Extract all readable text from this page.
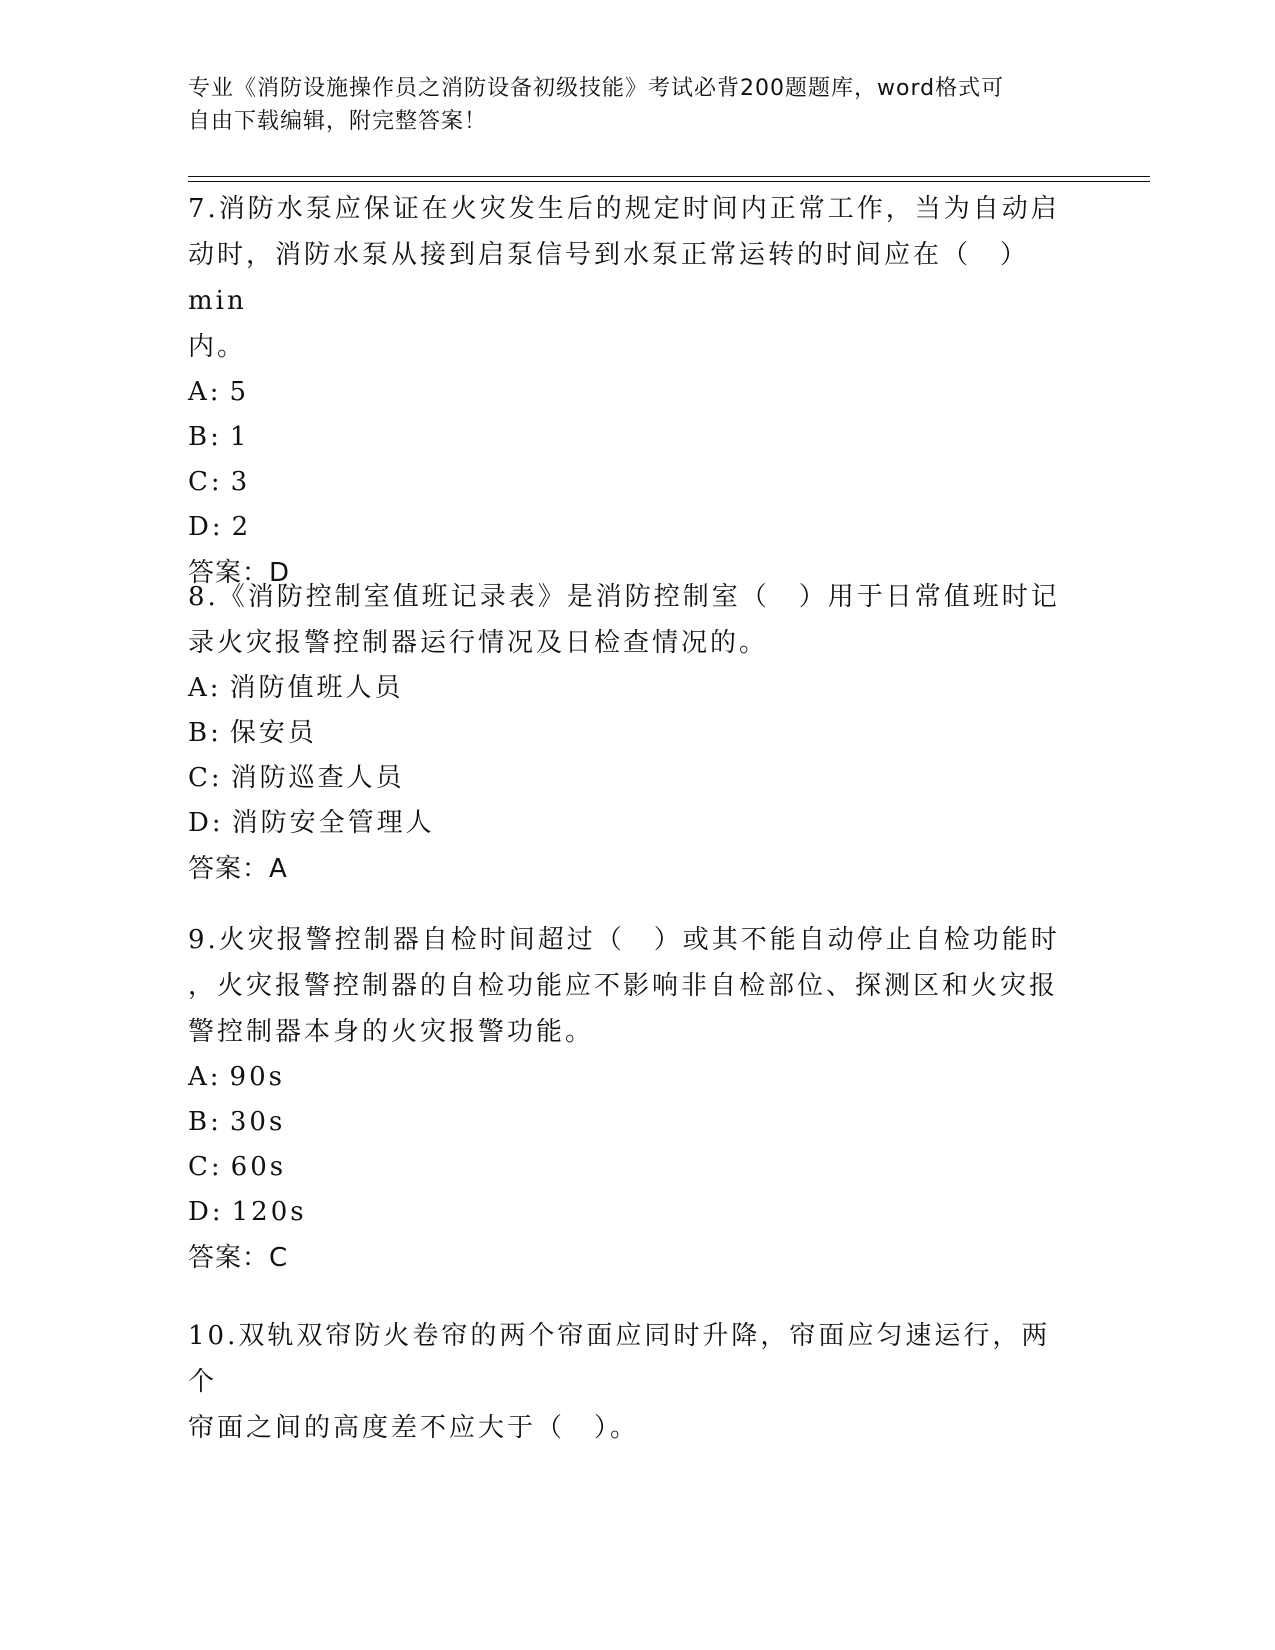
专业《消防设施操作员之消防设备初级技能》考试必背200题题库，word格式可
自由下载编辑，附完整答案！
7.消防水泵应保证在火灾发生后的规定时间内正常工作，当为自动启
动时，消防水泵从接到启泵信号到水泵正常运转的时间应在（　）min
内。
A: 5
B: 1
C: 3
D: 2
答案：D
8.《消防控制室值班记录表》是消防控制室（　）用于日常值班时记
录火灾报警控制器运行情况及日检查情况的。
A: 消防值班人员
B: 保安员
C: 消防巡查人员
D: 消防安全管理人
答案：A
9.火灾报警控制器自检时间超过（　）或其不能自动停止自检功能时
，火灾报警控制器的自检功能应不影响非自检部位、探测区和火灾报
警控制器本身的火灾报警功能。
A: 90s
B: 30s
C: 60s
D: 120s
答案：C
10.双轨双帘防火卷帘的两个帘面应同时升降，帘面应匀速运行，两个
帘面之间的高度差不应大于（　）。
